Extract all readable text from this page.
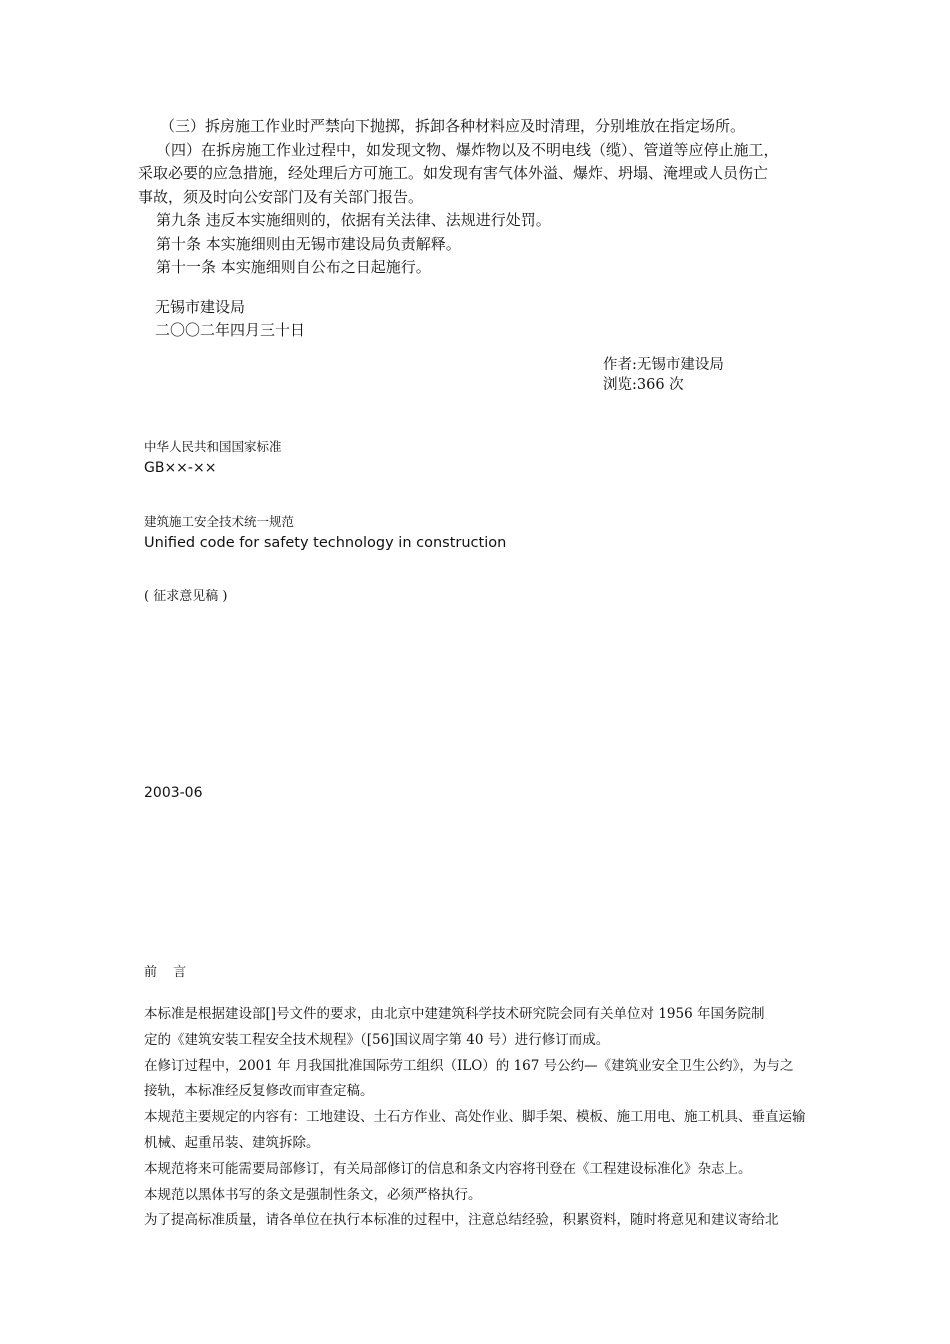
（三）拆房施工作业时严禁向下抛掷，拆卸各种材料应及时清理，分别堆放在指定场所。
（四）在拆房施工作业过程中，如发现文物、爆炸物以及不明电线（缆）、管道等应停止施工，
采取必要的应急措施，经处理后方可施工。如发现有害气体外溢、爆炸、坍塌、淹埋或人员伤亡
事故，须及时向公安部门及有关部门报告。
第九条 违反本实施细则的，依据有关法律、法规进行处罚。
第十条 本实施细则由无锡市建设局负责解释。
第十一条 本实施细则自公布之日起施行。
无锡市建设局
二〇〇二年四月三十日
作者:无锡市建设局
浏览:366 次
中华人民共和国国家标准
GB××-××
建筑施工安全技术统一规范
Unified code for safety technology in construction
( 征求意见稿 )
2003-06
前 言
本标准是根据建设部[]号文件的要求，由北京中建建筑科学技术研究院会同有关单位对 1956 年国务院制
定的《建筑安装工程安全技术规程》（[56]国议周字第 40 号）进行修订而成。
在修订过程中，2001 年 月我国批准国际劳工组织（ILO）的 167 号公约—《建筑业安全卫生公约》，为与之
接轨，本标准经反复修改而审查定稿。
本规范主要规定的内容有：工地建设、土石方作业、高处作业、脚手架、模板、施工用电、施工机具、垂直运输
机械、起重吊装、建筑拆除。
本规范将来可能需要局部修订，有关局部修订的信息和条文内容将刊登在《工程建设标准化》杂志上。
本规范以黑体书写的条文是强制性条文，必须严格执行。
为了提高标准质量，请各单位在执行本标准的过程中，注意总结经验，积累资料，随时将意见和建议寄给北
